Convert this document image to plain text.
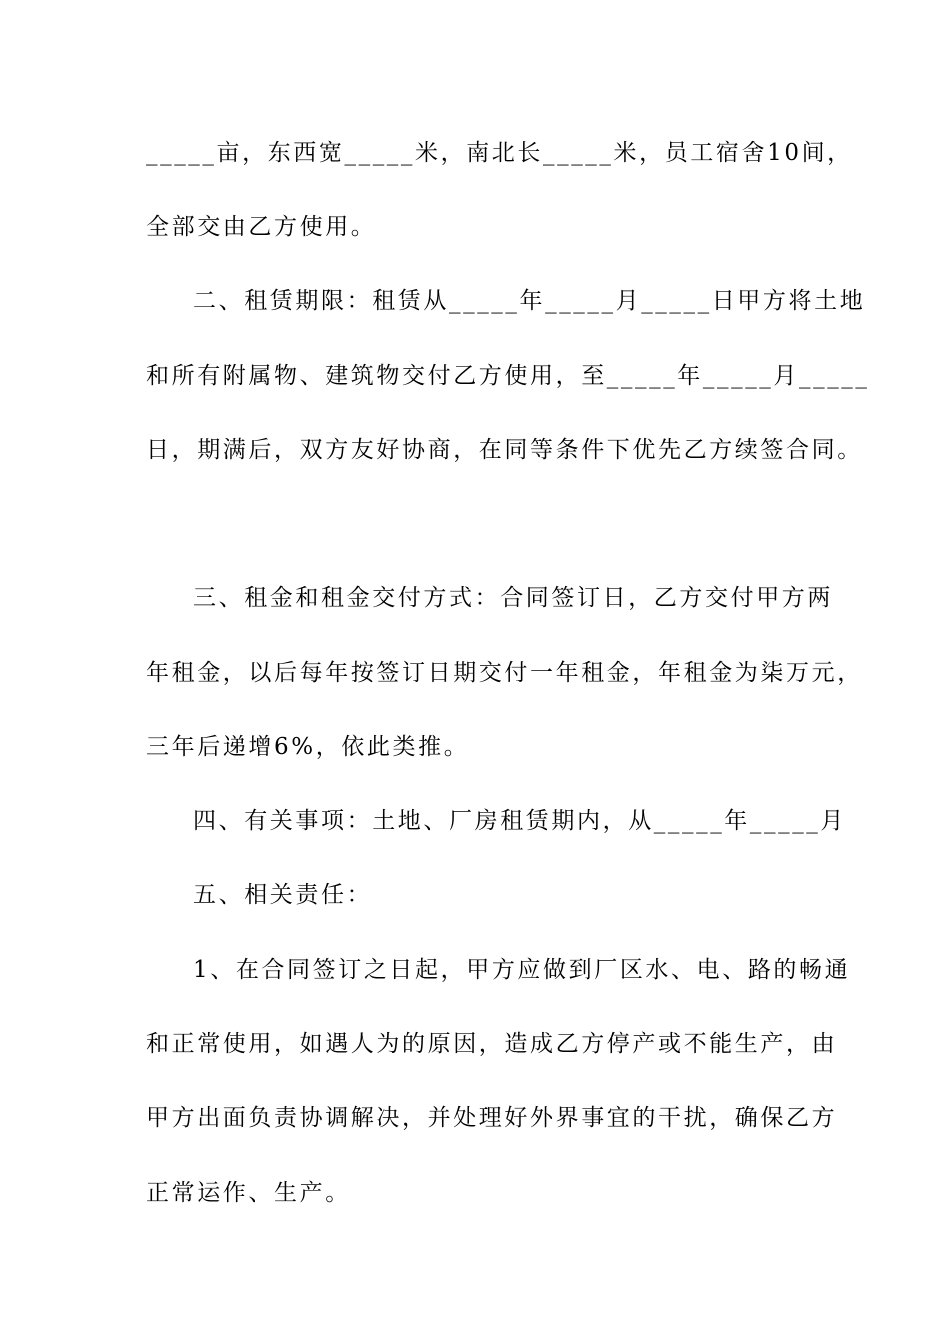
_____亩，东西宽_____米，南北长_____米，员工宿舍10间，
全部交由乙方使用。
二、租赁期限：租赁从_____年_____月_____日甲方将土地
和所有附属物、建筑物交付乙方使用，至_____年_____月_____
日，期满后，双方友好协商，在同等条件下优先乙方续签合同。
三、租金和租金交付方式：合同签订日，乙方交付甲方两
年租金，以后每年按签订日期交付一年租金，年租金为柒万元，
三年后递增6%，依此类推。
四、有关事项：土地、厂房租赁期内，从_____年_____月
五、相关责任：
1、在合同签订之日起，甲方应做到厂区水、电、路的畅通
和正常使用，如遇人为的原因，造成乙方停产或不能生产，由
甲方出面负责协调解决，并处理好外界事宜的干扰，确保乙方
正常运作、生产。
